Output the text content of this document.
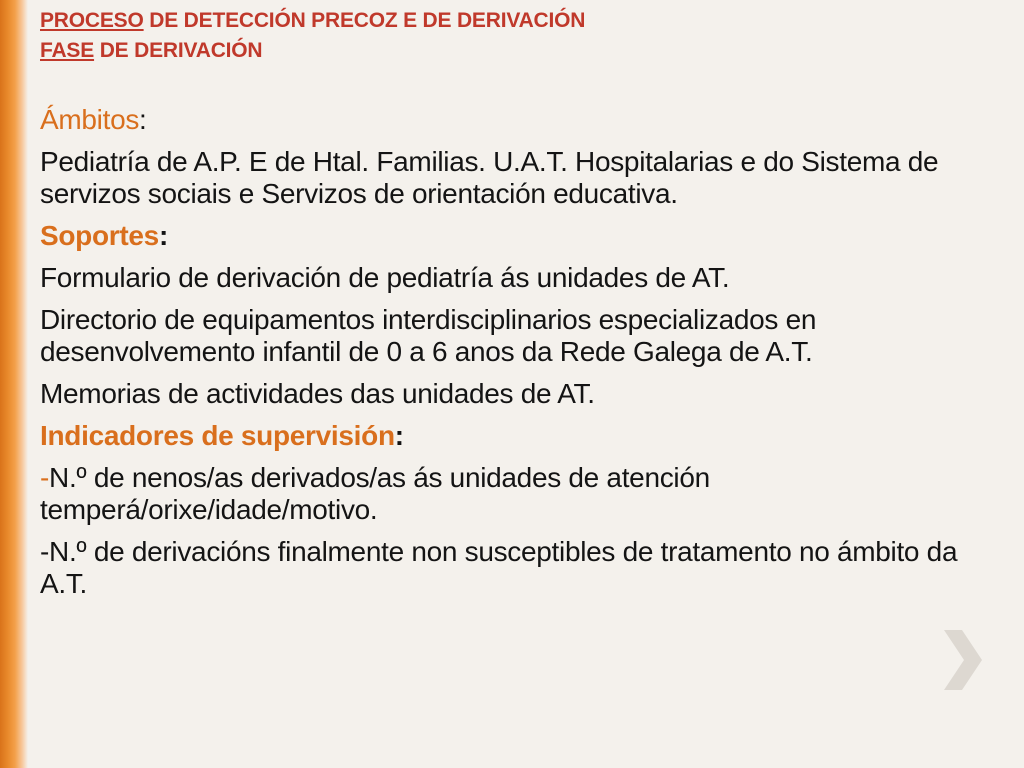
PROCESO DE DETECCIÓN PRECOZ E DE DERIVACIÓN
FASE DE DERIVACIÓN
Ámbitos:
Pediatría de A.P. E de Htal. Familias. U.A.T. Hospitalarias e do Sistema de servizos sociais e Servizos de orientación educativa.
Soportes:
Formulario de derivación de pediatría ás unidades de AT.
Directorio de equipamentos interdisciplinarios especializados en desenvolvemento infantil de 0 a 6 anos da Rede Galega de A.T.
Memorias de actividades das unidades de AT.
Indicadores de supervisión:
-N.º de nenos/as derivados/as ás unidades de atención temperá/orixe/idade/motivo.
-N.º de derivacións finalmente non susceptibles de tratamento no ámbito da A.T.
